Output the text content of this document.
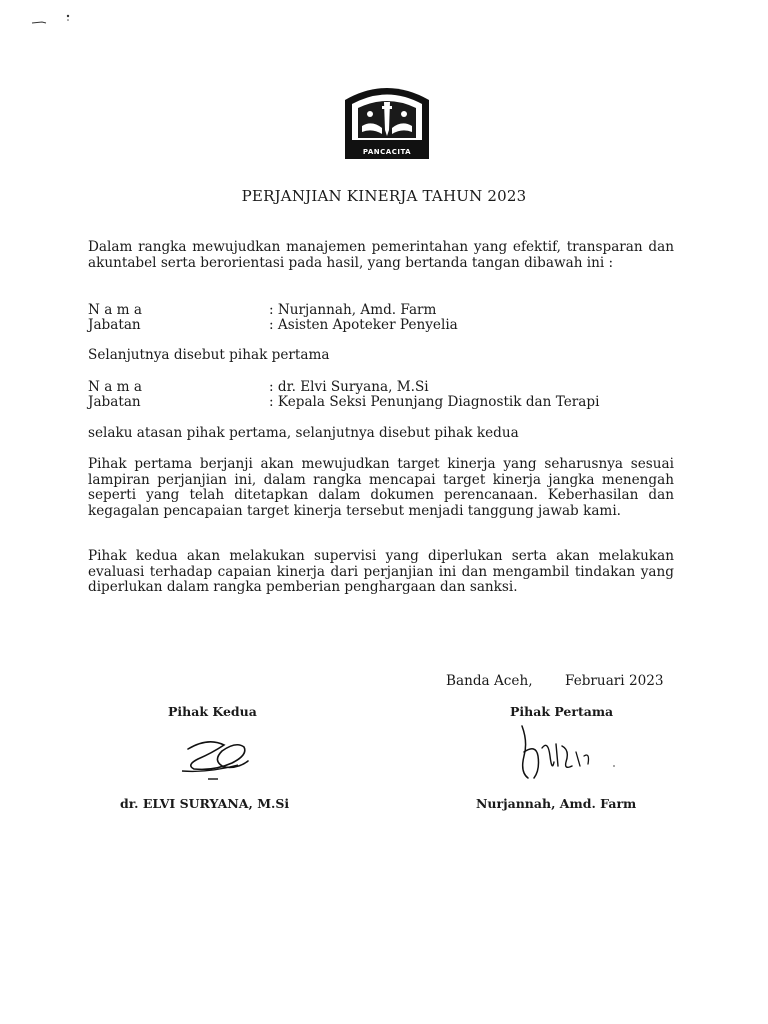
PANCACITA
PERJANJIAN KINERJA TAHUN 2023
Dalam rangka mewujudkan manajemen pemerintahan yang efektif, transparan dan akuntabel serta berorientasi pada hasil, yang bertanda tangan dibawah ini :
N a m a	: Nurjannah, Amd. Farm
Jabatan	: Asisten Apoteker Penyelia
Selanjutnya disebut pihak pertama
N a m a	: dr. Elvi Suryana, M.Si
Jabatan	: Kepala Seksi Penunjang Diagnostik dan Terapi
selaku atasan pihak pertama, selanjutnya disebut pihak kedua
Pihak pertama berjanji akan mewujudkan target kinerja yang seharusnya sesuai lampiran perjanjian ini, dalam rangka mencapai target kinerja jangka menengah seperti yang telah ditetapkan dalam dokumen perencanaan. Keberhasilan dan kegagalan pencapaian target kinerja tersebut menjadi tanggung jawab kami.
Pihak kedua akan melakukan supervisi yang diperlukan serta akan melakukan evaluasi terhadap capaian kinerja dari perjanjian ini dan mengambil tindakan yang diperlukan dalam rangka pemberian penghargaan dan sanksi.
Banda Aceh, Februari 2023
Pihak Kedua	Pihak Pertama
dr. ELVI SURYANA, M.Si	Nurjannah, Amd. Farm
